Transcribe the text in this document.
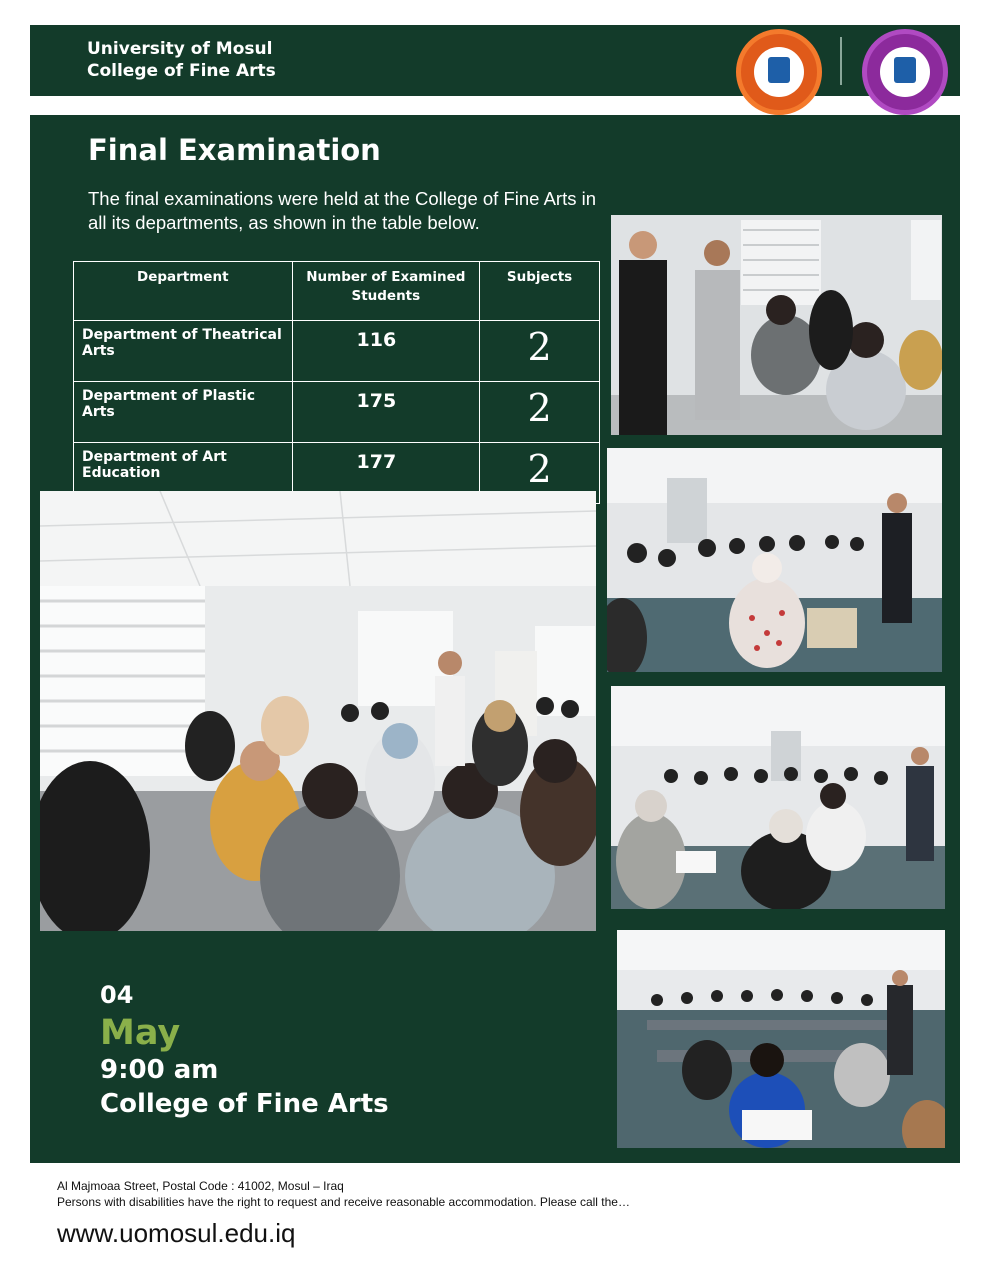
University of Mosul
College of Fine Arts
Final Examination
The final examinations were held at the College of Fine Arts in all its departments, as shown in the table below.
Department	Number of Examined Students	Subjects
Department of Theatrical Arts	116	2
Department of Plastic Arts	175	2
Department of Art Education	177	2
04
May
9:00 am
College of Fine Arts
Al Majmoaa Street, Postal Code : 41002, Mosul – Iraq
Persons with disabilities have the right to request and receive reasonable accommodation. Please call the…
www.uomosul.edu.iq
